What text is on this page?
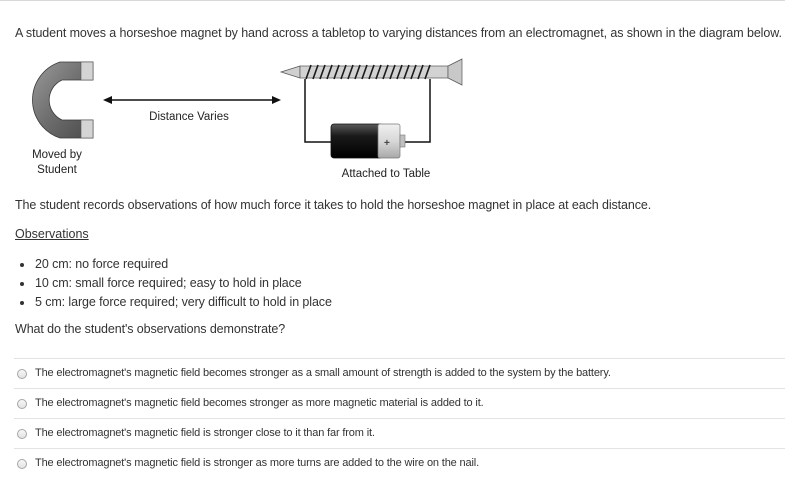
A student moves a horseshoe magnet by hand across a tabletop to varying distances from an electromagnet, as shown in the diagram below.
+
Moved by
Student
Distance Varies
Attached to Table
The student records observations of how much force it takes to hold the horseshoe magnet in place at each distance.
Observations
20 cm: no force required
10 cm: small force required; easy to hold in place
5 cm: large force required; very difficult to hold in place
What do the student's observations demonstrate?
The electromagnet's magnetic field becomes stronger as a small amount of strength is added to the system by the battery.
The electromagnet's magnetic field becomes stronger as more magnetic material is added to it.
The electromagnet's magnetic field is stronger close to it than far from it.
The electromagnet's magnetic field is stronger as more turns are added to the wire on the nail.
